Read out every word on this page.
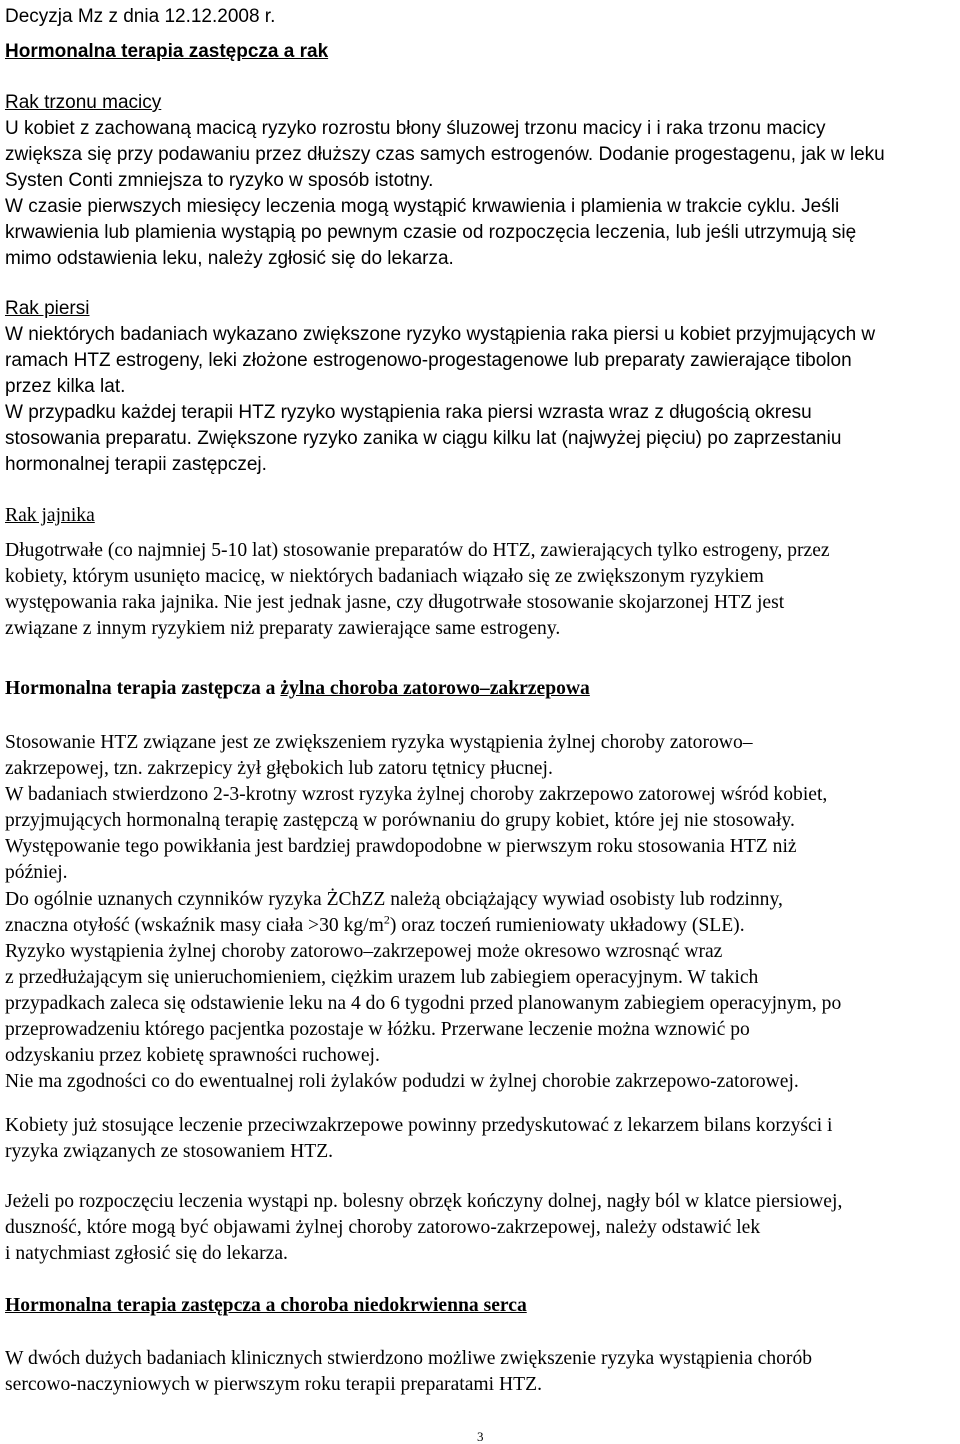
Decyzja Mz z dnia 12.12.2008 r.
Hormonalna terapia zastępcza a rak
Rak trzonu macicy
U kobiet z zachowaną macicą ryzyko rozrostu błony śluzowej trzonu macicy i i raka trzonu macicy
zwiększa się przy podawaniu przez dłuższy czas samych estrogenów. Dodanie progestagenu, jak w leku
Systen Conti zmniejsza to ryzyko w sposób istotny.
W czasie pierwszych miesięcy leczenia mogą wystąpić krwawienia i plamienia w trakcie cyklu. Jeśli
krwawienia lub plamienia wystąpią po pewnym czasie od rozpoczęcia leczenia, lub jeśli utrzymują się
mimo odstawienia leku, należy zgłosić się do lekarza.
Rak piersi
W niektórych badaniach wykazano zwiększone ryzyko wystąpienia raka piersi u kobiet przyjmujących w
ramach HTZ estrogeny, leki złożone estrogenowo-progestagenowe lub preparaty zawierające tibolon
przez kilka lat.
W przypadku każdej terapii HTZ ryzyko wystąpienia raka piersi wzrasta wraz z długością okresu
stosowania preparatu. Zwiększone ryzyko zanika w ciągu kilku lat (najwyżej pięciu) po zaprzestaniu
hormonalnej terapii zastępczej.
Rak jajnika
Długotrwałe (co najmniej 5-10 lat) stosowanie preparatów do HTZ, zawierających tylko estrogeny, przez
kobiety, którym usunięto macicę, w niektórych badaniach wiązało się ze zwiększonym ryzykiem
występowania raka jajnika. Nie jest jednak jasne, czy długotrwałe stosowanie skojarzonej HTZ jest
związane z innym ryzykiem niż preparaty zawierające same estrogeny.
Hormonalna terapia zastępcza a żylna choroba zatorowo–zakrzepowa
Stosowanie HTZ związane jest ze zwiększeniem ryzyka wystąpienia żylnej choroby zatorowo–
zakrzepowej, tzn. zakrzepicy żył głębokich lub zatoru tętnicy płucnej.
W badaniach stwierdzono 2-3-krotny wzrost ryzyka żylnej choroby zakrzepowo zatorowej wśród kobiet,
przyjmujących hormonalną terapię zastępczą w porównaniu do grupy kobiet, które jej nie stosowały.
Występowanie tego powikłania jest bardziej prawdopodobne w pierwszym roku stosowania HTZ niż
później.
Do ogólnie uznanych czynników ryzyka ŻChZZ należą obciążający wywiad osobisty lub rodzinny,
znaczna otyłość (wskaźnik masy ciała >30 $kg/m^2$) oraz toczeń rumieniowaty układowy (SLE).
Ryzyko wystąpienia żylnej choroby zatorowo–zakrzepowej może okresowo wzrosnąć wraz
z przedłużającym się unieruchomieniem, ciężkim urazem lub zabiegiem operacyjnym. W takich
przypadkach zaleca się odstawienie leku na 4 do 6 tygodni przed planowanym zabiegiem operacyjnym, po
przeprowadzeniu którego pacjentka pozostaje w łóżku. Przerwane leczenie można wznowić po
odzyskaniu przez kobietę sprawności ruchowej.
Nie ma zgodności co do ewentualnej roli żylaków podudzi w żylnej chorobie zakrzepowo-zatorowej.
Kobiety już stosujące leczenie przeciwzakrzepowe powinny przedyskutować z lekarzem bilans korzyści i
ryzyka związanych ze stosowaniem HTZ.
Jeżeli po rozpoczęciu leczenia wystąpi np. bolesny obrzęk kończyny dolnej, nagły ból w klatce piersiowej,
duszność, które mogą być objawami żylnej choroby zatorowo-zakrzepowej, należy odstawić lek
i natychmiast zgłosić się do lekarza.
Hormonalna terapia zastępcza a choroba niedokrwienna serca
W dwóch dużych badaniach klinicznych stwierdzono możliwe zwiększenie ryzyka wystąpienia chorób
sercowo-naczyniowych w pierwszym roku terapii preparatami HTZ.
3
